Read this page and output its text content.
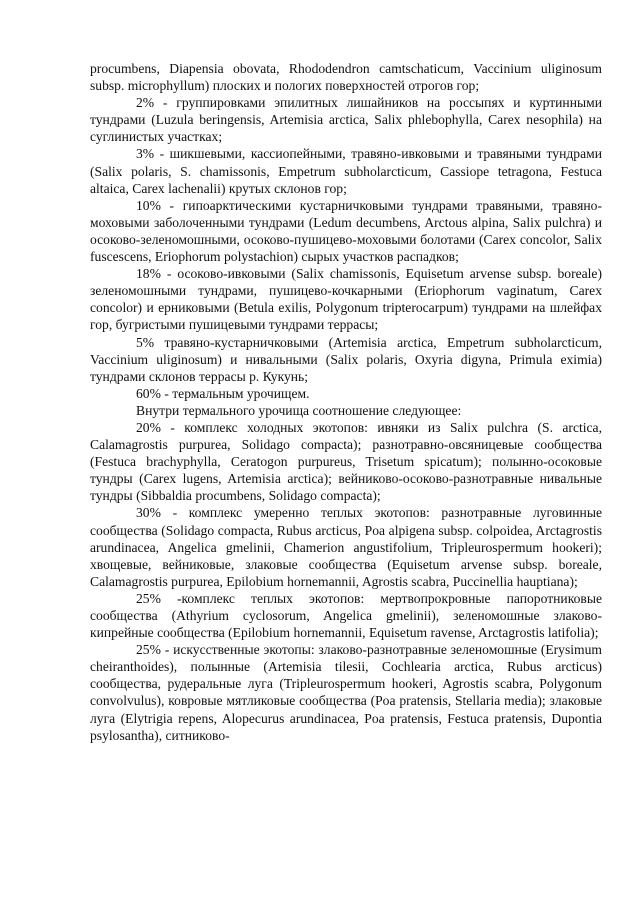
procumbens, Diapensia obovata, Rhododendron camtschaticum, Vaccinium uliginosum subsp. microphyllum) плоских и пологих поверхностей отрогов гор;

2% - группировками эпилитных лишайников на россыпях и куртинными тундрами (Luzula beringensis, Artemisia arctica, Salix phlebophylla, Carex nesophila) на суглинистых участках;

3% - шикшевыми, кассиопейными, травяно-ивковыми и травяными тундрами (Salix polaris, S. chamissonis, Empetrum subholarcticum, Cassiope tetragona, Festuca altaica, Carex lachenalii) крутых склонов гор;

10% - гипоарктическими кустарничковыми тундрами травяными, травяно-моховыми заболоченными тундрами (Ledum decumbens, Arctous alpina, Salix pulchra) и осоково-зеленомошными, осоково-пушицево-моховыми болотами (Carex concolor, Salix fuscescens, Eriophorum polystachion) сырых участков распадков;

18% - осоково-ивковыми (Salix chamissonis, Equisetum arvense subsp. boreale) зеленомошными тундрами, пушицево-кочкарными (Eriophorum vaginatum, Carex concolor) и ерниковыми (Betula exilis, Polygonum tripterocarpum) тундрами на шлейфах гор, бугристыми пушицевыми тундрами террасы;

5% травяно-кустарничковыми (Artemisia arctica, Empetrum subholarcticum, Vaccinium uliginosum) и нивальными (Salix polaris, Oxyria digyna, Primula eximia) тундрами склонов террасы р. Кукунь;

60% - термальным урочищем.

Внутри термального урочища соотношение следующее:

20% - комплекс холодных экотопов: ивняки из Salix pulchra (S. arctica, Calamagrostis purpurea, Solidago compacta); разнотравно-овсяницевые сообщества (Festuca brachyphylla, Ceratogon purpureus, Trisetum spicatum); полынно-осоковые тундры (Carex lugens, Artemisia arctica); вейниково-осоково-разнотравные нивальные тундры (Sibbaldia procumbens, Solidago compacta);

30% - комплекс умеренно теплых экотопов: разнотравные луговинные сообщества (Solidago compacta, Rubus arcticus, Poa alpigena subsp. colpoidea, Arctagrostis arundinacea, Angelica gmelinii, Chamerion angustifolium, Tripleurospermum hookeri); хвощевые, вейниковые, злаковые сообщества (Equisetum arvense subsp. boreale, Calamagrostis purpurea, Epilobium hornemannii, Agrostis scabra, Puccinellia hauptiana);

25% -комплекс теплых экотопов: мертвопрокровные папоротниковые сообщества (Athyrium cyclosorum, Angelica gmelinii), зеленомошные злаково-кипрейные сообщества (Epilobium hornemannii, Equisetum ravense, Arctagrostis latifolia);

25% - искусственные экотопы: злаково-разнотравные зеленомошные (Erysimum cheiranthoides), полынные (Artemisia tilesii, Cochlearia arctica, Rubus arcticus) сообщества, рудеральные луга (Tripleurospermum hookeri, Agrostis scabra, Polygonum convolvulus), ковровые мятликовые сообщества (Poa pratensis, Stellaria media); злаковые луга (Elytrigia repens, Alopecurus arundinacea, Poa pratensis, Festuca pratensis, Dupontia psylosantha), ситниково-
